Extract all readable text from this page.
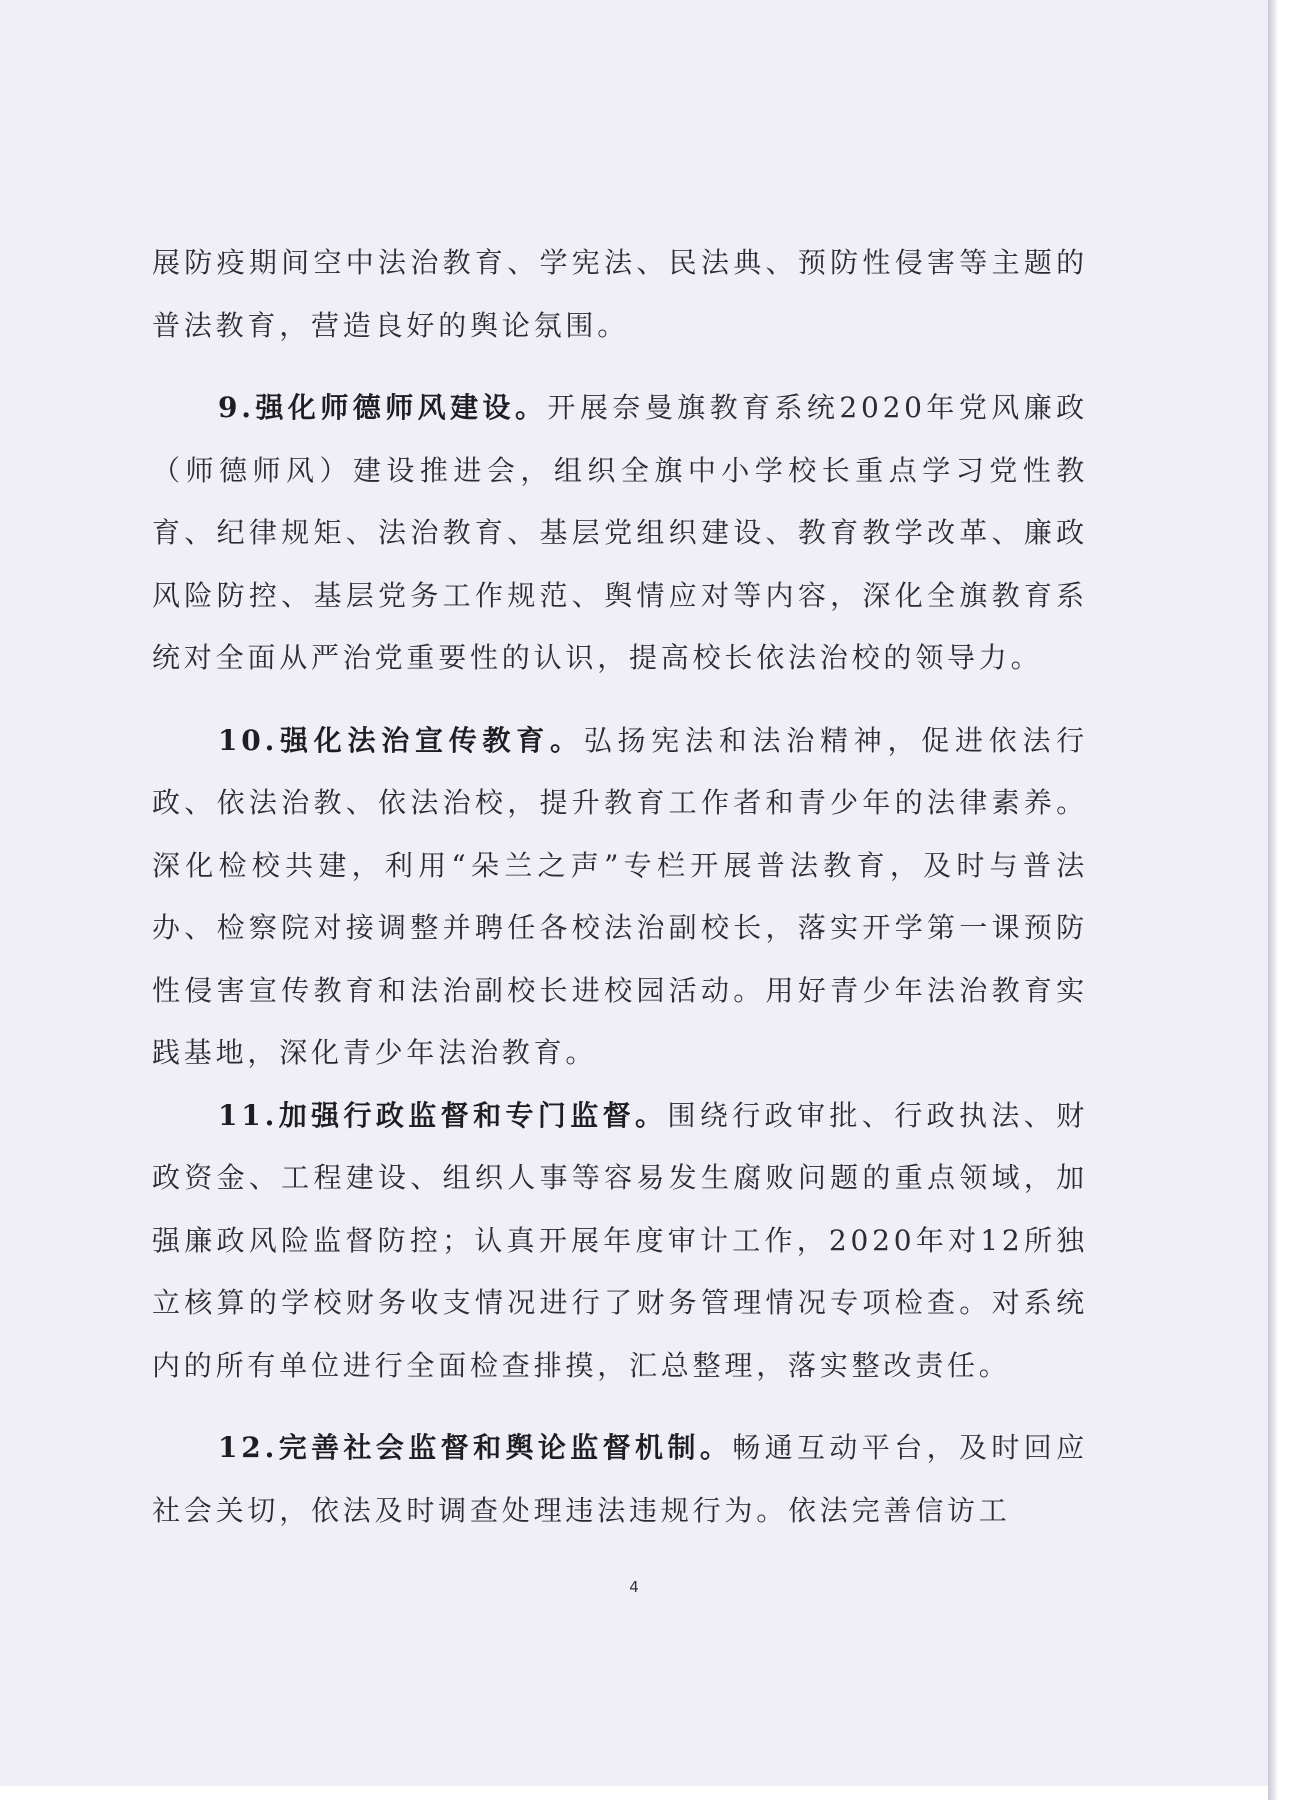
展防疫期间空中法治教育、学宪法、民法典、预防性侵害等主题的普法教育，营造良好的舆论氛围。

9.强化师德师风建设。开展奈曼旗教育系统2020年党风廉政（师德师风）建设推进会，组织全旗中小学校长重点学习党性教育、纪律规矩、法治教育、基层党组织建设、教育教学改革、廉政风险防控、基层党务工作规范、舆情应对等内容，深化全旗教育系统对全面从严治党重要性的认识，提高校长依法治校的领导力。

10.强化法治宣传教育。弘扬宪法和法治精神，促进依法行政、依法治教、依法治校，提升教育工作者和青少年的法律素养。深化检校共建，利用“朵兰之声”专栏开展普法教育，及时与普法办、检察院对接调整并聘任各校法治副校长，落实开学第一课预防性侵害宣传教育和法治副校长进校园活动。用好青少年法治教育实践基地，深化青少年法治教育。

11.加强行政监督和专门监督。围绕行政审批、行政执法、财政资金、工程建设、组织人事等容易发生腐败问题的重点领域，加强廉政风险监督防控；认真开展年度审计工作，2020年对12所独立核算的学校财务收支情况进行了财务管理情况专项检查。对系统内的所有单位进行全面检查排摸，汇总整理，落实整改责任。

12.完善社会监督和舆论监督机制。畅通互动平台，及时回应社会关切，依法及时调查处理违法违规行为。依法完善信访工

4
